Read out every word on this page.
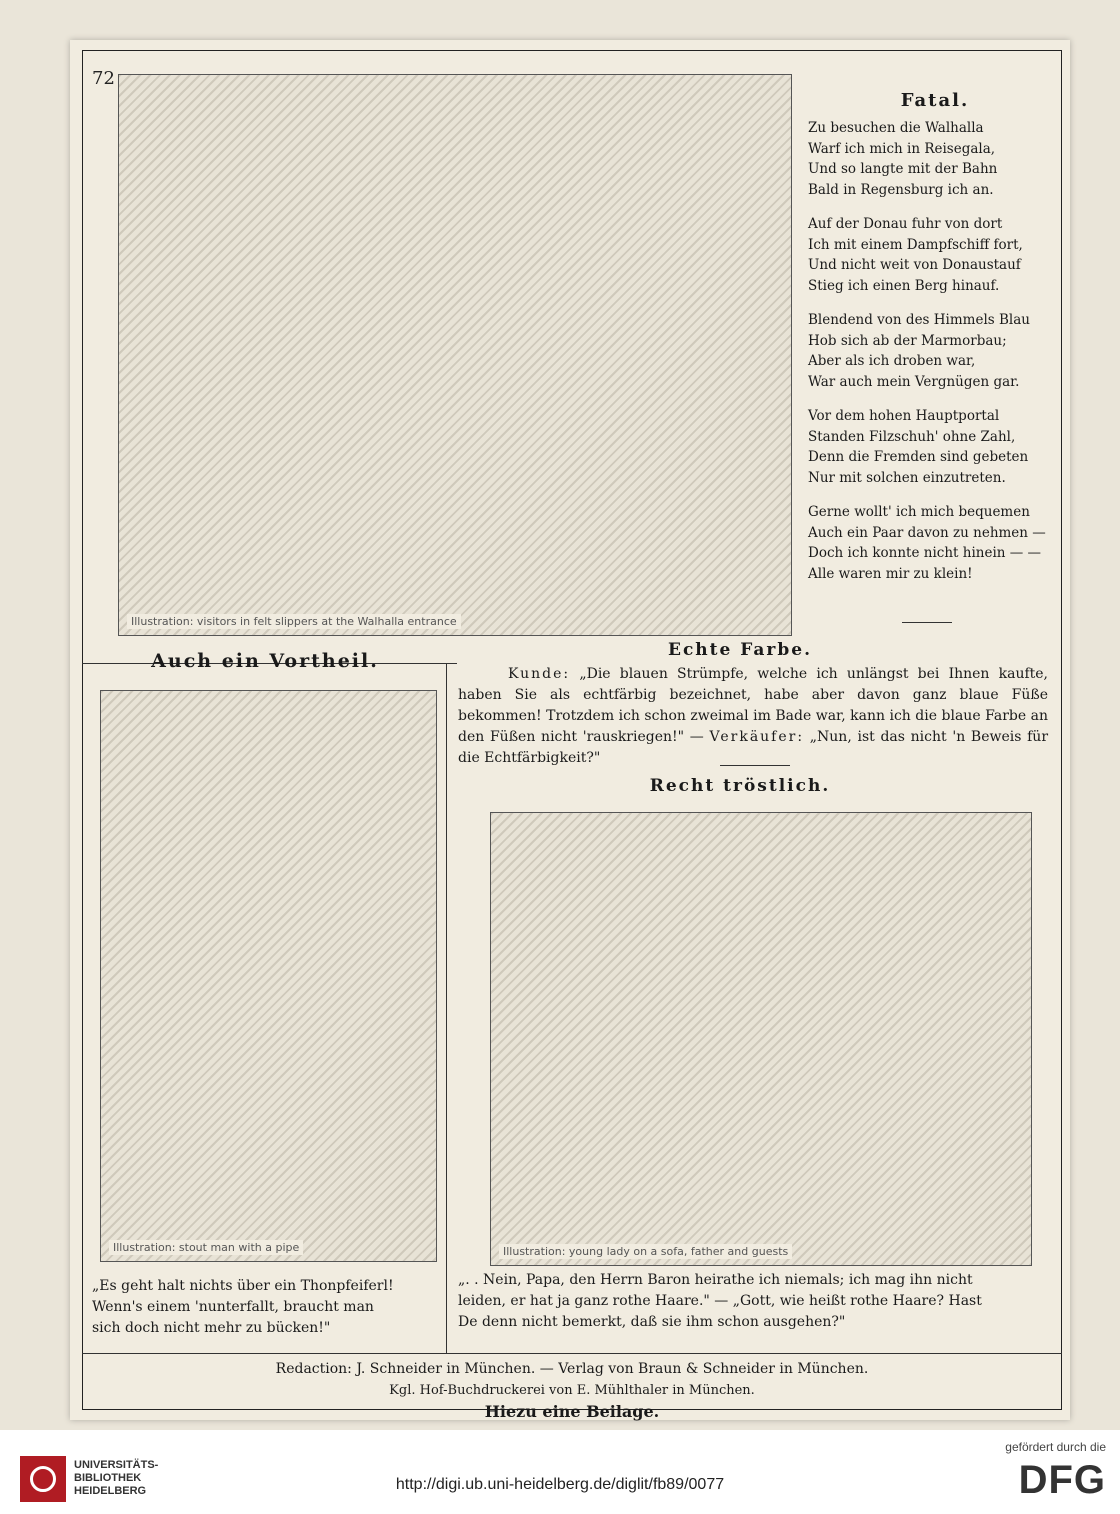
72
Illustration: visitors in felt slippers at the Walhalla entrance
Fatal.
Zu besuchen die Walhalla
Warf ich mich in Reisegala,
Und so langte mit der Bahn
Bald in Regensburg ich an.
Auf der Donau fuhr von dort
Ich mit einem Dampfschiff fort,
Und nicht weit von Donaustauf
Stieg ich einen Berg hinauf.
Blendend von des Himmels Blau
Hob sich ab der Marmorbau;
Aber als ich droben war,
War auch mein Vergnügen gar.
Vor dem hohen Hauptportal
Standen Filzschuh' ohne Zahl,
Denn die Fremden sind gebeten
Nur mit solchen einzutreten.
Gerne wollt' ich mich bequemen
Auch ein Paar davon zu nehmen —
Doch ich konnte nicht hinein — —
Alle waren mir zu klein!
Auch ein Vortheil.
Illustration: stout man with a pipe
„Es geht halt nichts über ein Thonpfeiferl!
Wenn's einem 'nunterfallt, braucht man
sich doch nicht mehr zu bücken!"
Echte Farbe.
Kunde: „Die blauen Strümpfe, welche ich unlängst bei Ihnen kaufte, haben Sie als echtfärbig bezeichnet, habe aber davon ganz blaue Füße bekommen! Trotzdem ich schon zweimal im Bade war, kann ich die blaue Farbe an den Füßen nicht 'rauskriegen!" — Verkäufer: „Nun, ist das nicht 'n Beweis für die Echtfärbigkeit?"
Recht tröstlich.
Illustration: young lady on a sofa, father and guests
„. . Nein, Papa, den Herrn Baron heirathe ich niemals; ich mag ihn nicht
leiden, er hat ja ganz rothe Haare." — „Gott, wie heißt rothe Haare? Hast
De denn nicht bemerkt, daß sie ihm schon ausgehen?"
Redaction: J. Schneider in München. — Verlag von Braun & Schneider in München.
Kgl. Hof-Buchdruckerei von E. Mühlthaler in München.
Hiezu eine Beilage.
UNIVERSITÄTS-
BIBLIOTHEK
HEIDELBERG	http://digi.ub.uni-heidelberg.de/diglit/fb89/0077
gefördert durch die
DFG
